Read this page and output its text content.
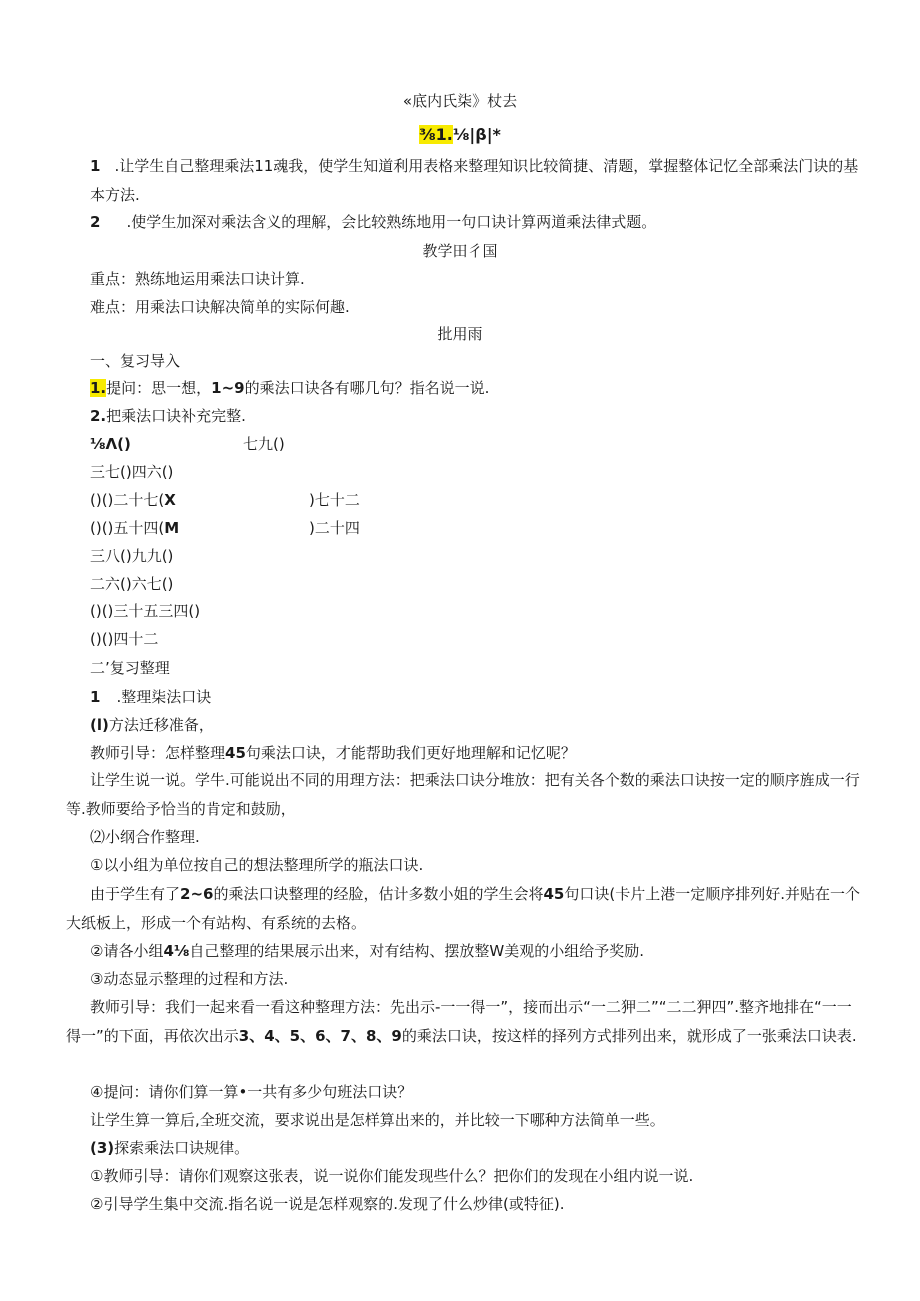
«底内氏柒》杖去
⅜1.⅛|β|*
1 .让学生自己整理乘法11魂我，使学生知道利用表格来整理知识比较简捷、清题，掌握整体记忆全部乘法门诀的基本方法.
2 .使学生加深对乘法含义的理解，会比较熟练地用一句口诀计算两道乘法律式题。
教学田彳国
重点：熟练地运用乘法口诀计算.
难点：用乘法口诀解决简单的实际何趣.
批用雨
一、复习导入
1.提问：思一想，1~9的乘法口诀各有哪几句？指名说一说.
2.把乘法口诀补充完整.
⅛Λ()	七九()
三七()四六()
()()二十七(X	)七十二
()()五十四(M	)二十四
三八()九九()
二六()六七()
()()三十五三四()
()()四十二
二’复习整理
1 .整理柒法口诀
(l)方法迁移准备，
教师引导：怎样整理45句乘法口诀，才能帮助我们更好地理解和记忆呢？
让学生说一说。学牛.可能说出不同的用理方法：把乘法口诀分堆放：把有关各个数的乘法口诀按一定的顺序旌成一行等.教师要给予恰当的肯定和鼓励，
⑵小纲合作整理.
①以小组为单位按自己的想法整理所学的瓶法口诀.
由于学生有了2~6的乘法口诀整理的经脸，估计多数小姐的学生会将45句口诀(卡片上港一定顺序排列好.并贴在一个大纸板上，形成一个有站构、有系统的去格。
②请各小组4⅛自己整理的结果展示出来，对有结构、摆放整W美观的小组给予奖励.
③动态显示整理的过程和方法.
教师引导：我们一起来看一看这种整理方法：先出示-一一得一”，接而出示“一二狎二”“二二狎四”.整齐地排在“一一得一”的下面，再依次出示3、4、5、6、7、8、9的乘法口诀，按这样的择列方式排列出来，就形成了一张乘法口诀表.
④提问：请你们算一算•一共有多少句班法口诀？
让学生算一算后,全班交流，要求说出是怎样算出来的，并比较一下哪种方法简单一些。
(3)探索乘法口诀规律。
①教师引导：请你们观察这张表，说一说你们能发现些什么？把你们的发现在小组内说一说.
②引导学生集中交流.指名说一说是怎样观察的.发现了什么炒律(或特征).
